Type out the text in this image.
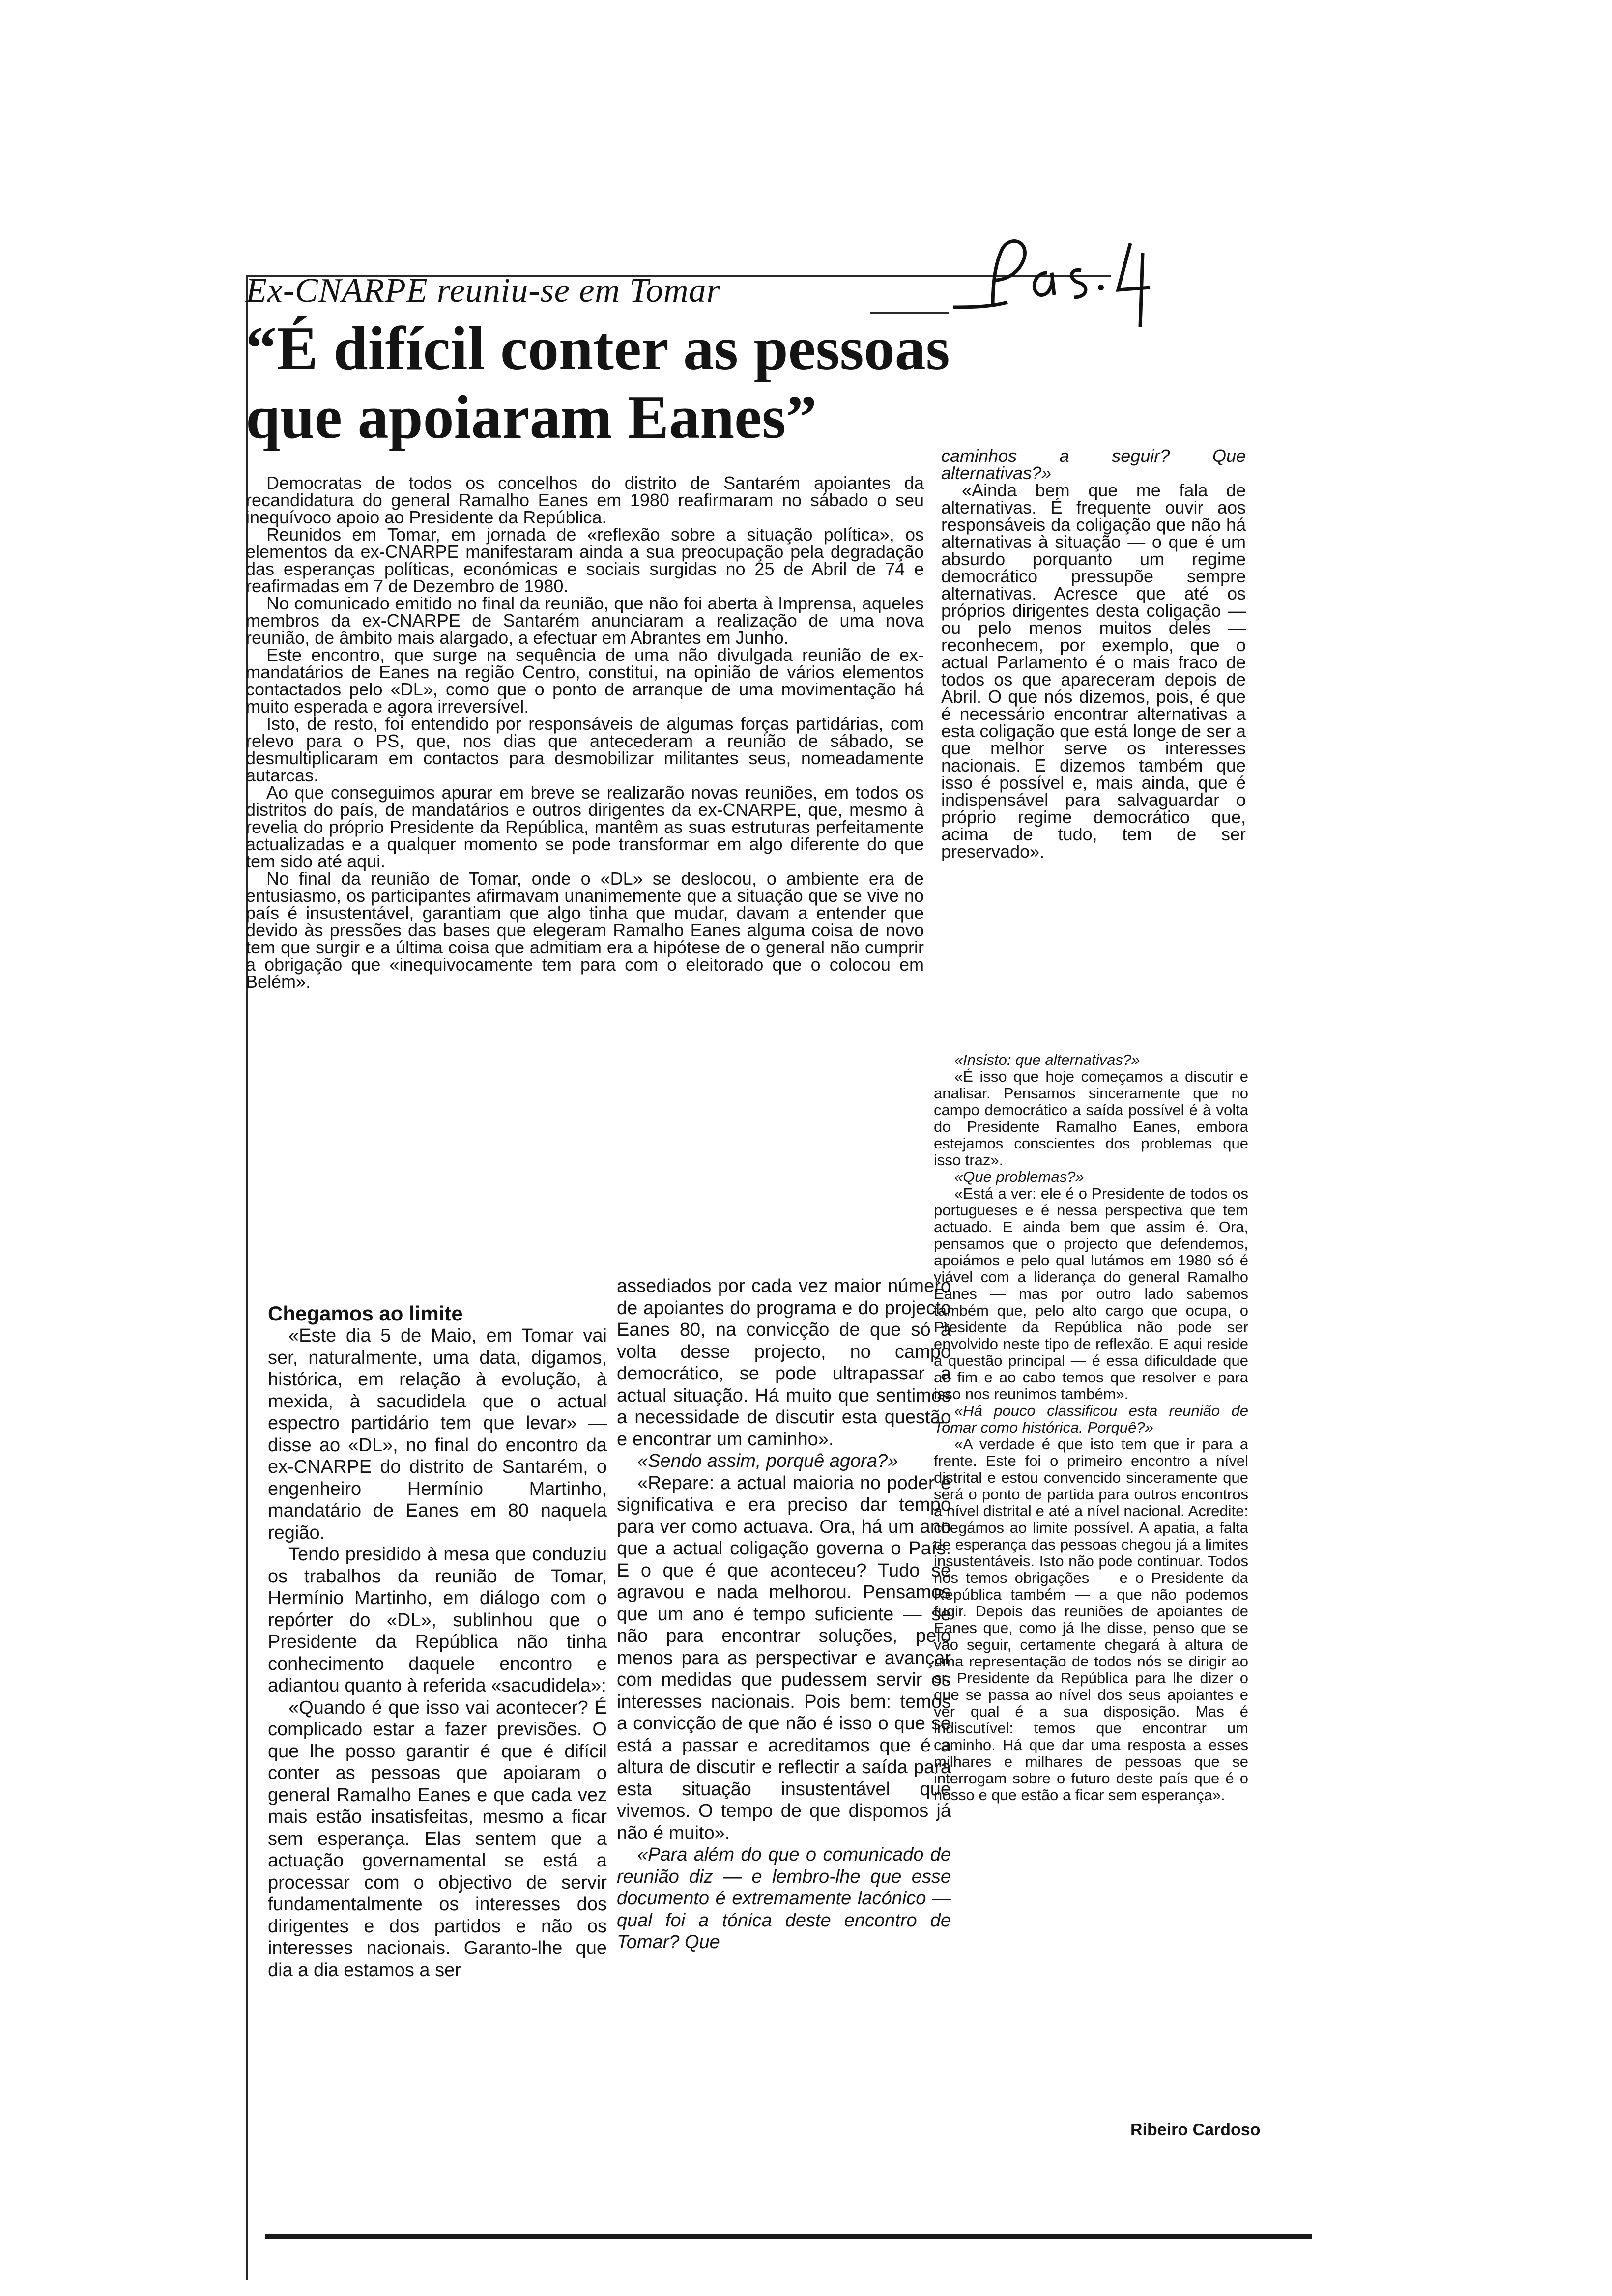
Ex-CNARPE reuniu-se em Tomar
“É difícil conter as pessoas
que apoiaram Eanes”

Democratas de todos os concelhos do distrito de Santarém apoiantes da recandidatura do general Ramalho Eanes em 1980 reafirmaram no sábado o seu inequívoco apoio ao Presidente da República.

Reunidos em Tomar, em jornada de «reflexão sobre a situação política», os elementos da ex-CNARPE manifestaram ainda a sua preocupação pela degradação das esperanças políticas, económicas e sociais surgidas no 25 de Abril de 74 e reafirmadas em 7 de Dezembro de 1980.

No comunicado emitido no final da reunião, que não foi aberta à Imprensa, aqueles membros da ex-CNARPE de Santarém anunciaram a realização de uma nova reunião, de âmbito mais alargado, a efectuar em Abrantes em Junho.

Este encontro, que surge na sequência de uma não divulgada reunião de ex-mandatários de Eanes na região Centro, constitui, na opinião de vários elementos contactados pelo «DL», como que o ponto de arranque de uma movimentação há muito esperada e agora irreversível.

Isto, de resto, foi entendido por responsáveis de algumas forças partidárias, com relevo para o PS, que, nos dias que antecederam a reunião de sábado, se desmultiplicaram em contactos para desmobilizar militantes seus, nomeadamente autarcas.

Ao que conseguimos apurar em breve se realizarão novas reuniões, em todos os distritos do país, de mandatários e outros dirigentes da ex-CNARPE, que, mesmo à revelia do próprio Presidente da República, mantêm as suas estruturas perfeitamente actualizadas e a qualquer momento se pode transformar em algo diferente do que tem sido até aqui.

No final da reunião de Tomar, onde o «DL» se deslocou, o ambiente era de entusiasmo, os participantes afirmavam unanimemente que a situação que se vive no país é insustentável, garantiam que algo tinha que mudar, davam a entender que devido às pressões das bases que elegeram Ramalho Eanes alguma coisa de novo tem que surgir e a última coisa que admitiam era a hipótese de o general não cumprir a obrigação que «inequivocamente tem para com o eleitorado que o colocou em Belém».

caminhos a seguir? Que alternativas?»

«Ainda bem que me fala de alternativas. É frequente ouvir aos responsáveis da coligação que não há alternativas à situação — o que é um absurdo porquanto um regime democrático pressupõe sempre alternativas. Acresce que até os próprios dirigentes desta coligação — ou pelo menos muitos deles — reconhecem, por exemplo, que o actual Parlamento é o mais fraco de todos os que apareceram depois de Abril. O que nós dizemos, pois, é que é necessário encontrar alternativas a esta coligação que está longe de ser a que melhor serve os interesses nacionais. E dizemos também que isso é possível e, mais ainda, que é indispensável para salvaguardar o próprio regime democrático que, acima de tudo, tem de ser preservado».

«Insisto: que alternativas?»

«É isso que hoje começamos a discutir e analisar. Pensamos sinceramente que no campo democrático a saída possível é à volta do Presidente Ramalho Eanes, embora estejamos conscientes dos problemas que isso traz».

«Que problemas?»

«Está a ver: ele é o Presidente de todos os portugueses e é nessa perspectiva que tem actuado. E ainda bem que assim é. Ora, pensamos que o projecto que defendemos, apoiámos e pelo qual lutámos em 1980 só é viável com a liderança do general Ramalho Eanes — mas por outro lado sabemos também que, pelo alto cargo que ocupa, o Presidente da República não pode ser envolvido neste tipo de reflexão. E aqui reside a questão principal — é essa dificuldade que ao fim e ao cabo temos que resolver e para isso nos reunimos também».

«Há pouco classificou esta reunião de Tomar como histórica. Porquê?»

«A verdade é que isto tem que ir para a frente. Este foi o primeiro encontro a nível distrital e estou convencido sinceramente que será o ponto de partida para outros encontros a nível distrital e até a nível nacional. Acredite: chegámos ao limite possível. A apatia, a falta de esperança das pessoas chegou já a limites insustentáveis. Isto não pode continuar. Todos nós temos obrigações — e o Presidente da República também — a que não podemos fugir. Depois das reuniões de apoiantes de Eanes que, como já lhe disse, penso que se vão seguir, certamente chegará à altura de uma representação de todos nós se dirigir ao sr. Presidente da República para lhe dizer o que se passa ao nível dos seus apoiantes e ver qual é a sua disposição. Mas é indiscutível: temos que encontrar um caminho. Há que dar uma resposta a esses milhares e milhares de pessoas que se interrogam sobre o futuro deste país que é o nosso e que estão a ficar sem esperança».

Chegamos ao limite

«Este dia 5 de Maio, em Tomar vai ser, naturalmente, uma data, digamos, histórica, em relação à evolução, à mexida, à sacudidela que o actual espectro partidário tem que levar» — disse ao «DL», no final do encontro da ex-CNARPE do distrito de Santarém, o engenheiro Hermínio Martinho, mandatário de Eanes em 80 naquela região.

Tendo presidido à mesa que conduziu os trabalhos da reunião de Tomar, Hermínio Martinho, em diálogo com o repórter do «DL», sublinhou que o Presidente da República não tinha conhecimento daquele encontro e adiantou quanto à referida «sacudidela»:

«Quando é que isso vai acontecer? É complicado estar a fazer previsões. O que lhe posso garantir é que é difícil conter as pessoas que apoiaram o general Ramalho Eanes e que cada vez mais estão insatisfeitas, mesmo a ficar sem esperança. Elas sentem que a actuação governamental se está a processar com o objectivo de servir fundamentalmente os interesses dos dirigentes e dos partidos e não os interesses nacionais. Garanto-lhe que dia a dia estamos a ser

assediados por cada vez maior número de apoiantes do programa e do projecto Eanes 80, na convicção de que só à volta desse projecto, no campo democrático, se pode ultrapassar a actual situação. Há muito que sentimos a necessidade de discutir esta questão e encontrar um caminho».

«Sendo assim, porquê agora?»

«Repare: a actual maioria no poder é significativa e era preciso dar tempo para ver como actuava. Ora, há um ano que a actual coligação governa o País. E o que é que aconteceu? Tudo se agravou e nada melhorou. Pensamos que um ano é tempo suficiente — se não para encontrar soluções, pelo menos para as perspectivar e avançar com medidas que pudessem servir os interesses nacionais. Pois bem: temos a convicção de que não é isso o que se está a passar e acreditamos que é a altura de discutir e reflectir a saída para esta situação insustentável que vivemos. O tempo de que dispomos já não é muito».

«Para além do que o comunicado de reunião diz — e lembro-lhe que esse documento é extremamente lacónico — qual foi a tónica deste encontro de Tomar? Que

Ribeiro Cardoso
